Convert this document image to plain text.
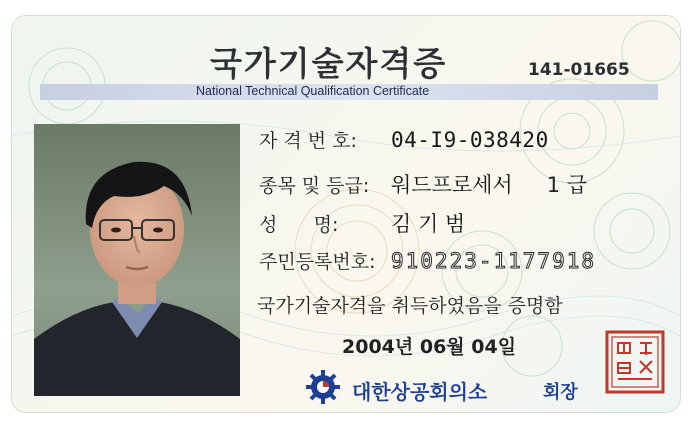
국가기술자격증	141-01665
National Technical Qualification Certificate
자 격 번 호: 04-I9-038420
종목 및 등급: 워드프로세서 1 급
성      명:	김 기 범
주민등록번호: 910223-1177918
국가기술자격을 취득하였음을 증명함
2004년 06월 04일
대한상공회의소	회장
